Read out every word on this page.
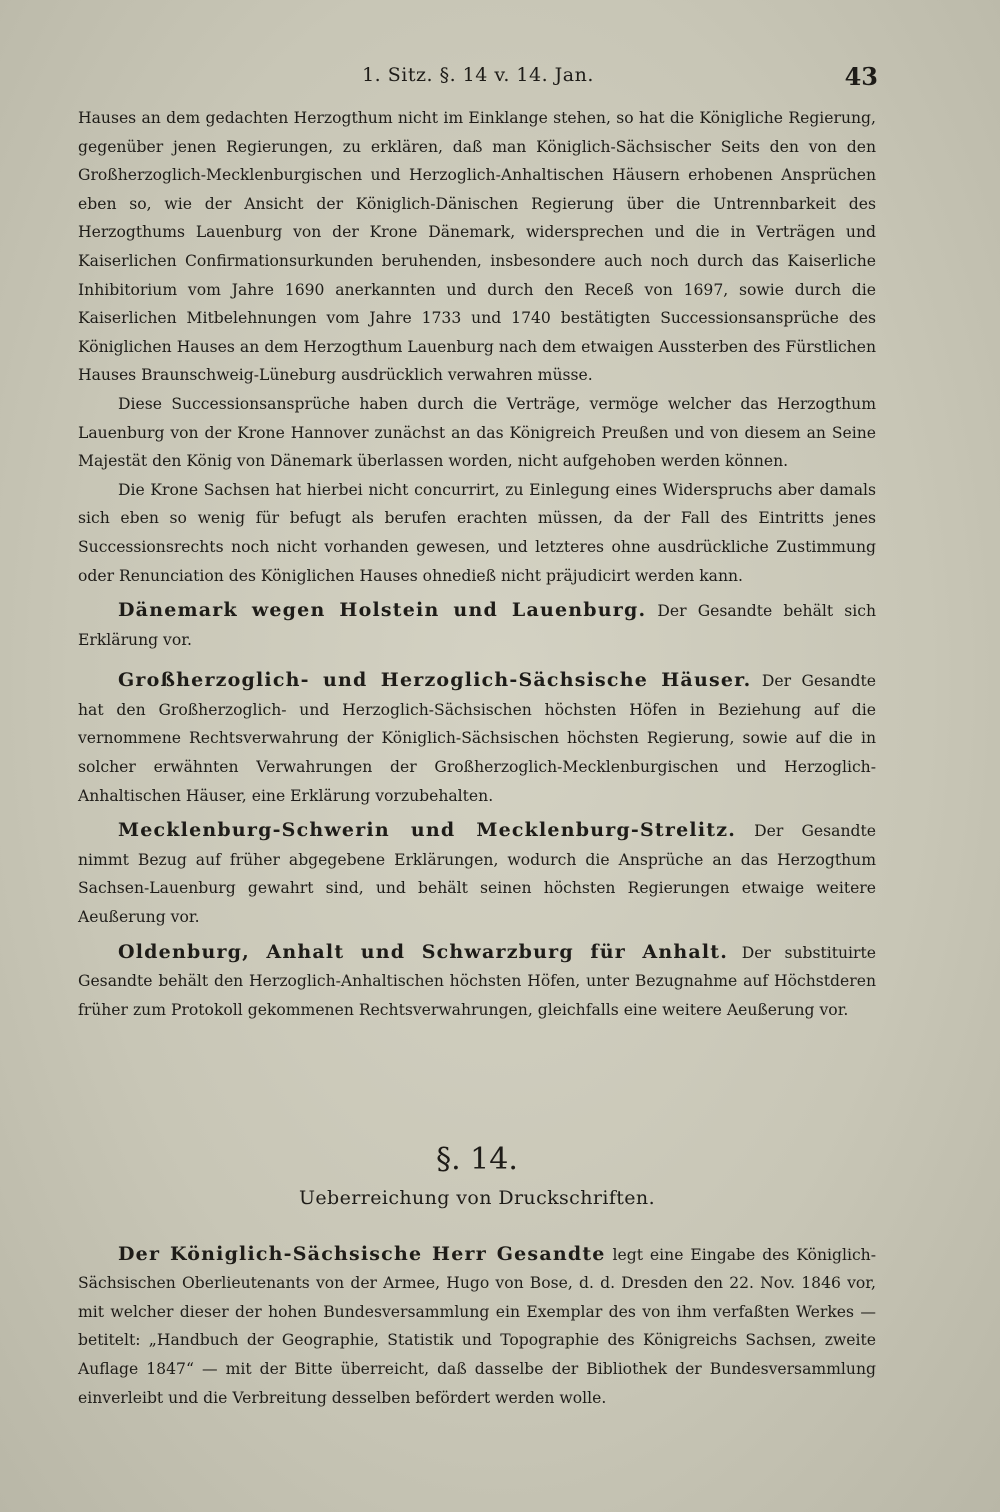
1. Sitz. §. 14 v. 14. Jan.	43

Hauses an dem gedachten Herzogthum nicht im Einklange stehen, so hat die Königliche Regierung, gegenüber jenen Regierungen, zu erklären, daß man Königlich-Sächsischer Seits den von den Großherzoglich-Mecklenburgischen und Herzoglich-Anhaltischen Häusern erhobenen Ansprüchen eben so, wie der Ansicht der Königlich-Dänischen Regierung über die Untrennbarkeit des Herzogthums Lauenburg von der Krone Dänemark, widersprechen und die in Verträgen und Kaiserlichen Confirmationsurkunden beruhenden, insbesondere auch noch durch das Kaiserliche Inhibitorium vom Jahre 1690 anerkannten und durch den Receß von 1697, sowie durch die Kaiserlichen Mitbelehnungen vom Jahre 1733 und 1740 bestätigten Successionsansprüche des Königlichen Hauses an dem Herzogthum Lauenburg nach dem etwaigen Aussterben des Fürstlichen Hauses Braunschweig-Lüneburg ausdrücklich verwahren müsse.

Diese Successionsansprüche haben durch die Verträge, vermöge welcher das Herzogthum Lauenburg von der Krone Hannover zunächst an das Königreich Preußen und von diesem an Seine Majestät den König von Dänemark überlassen worden, nicht aufgehoben werden können.

Die Krone Sachsen hat hierbei nicht concurrirt, zu Einlegung eines Widerspruchs aber damals sich eben so wenig für befugt als berufen erachten müssen, da der Fall des Eintritts jenes Successionsrechts noch nicht vorhanden gewesen, und letzteres ohne ausdrückliche Zustimmung oder Renunciation des Königlichen Hauses ohnedieß nicht präjudicirt werden kann.

Dänemark wegen Holstein und Lauenburg. Der Gesandte behält sich Erklärung vor.

Großherzoglich- und Herzoglich-Sächsische Häuser. Der Gesandte hat den Großherzoglich- und Herzoglich-Sächsischen höchsten Höfen in Beziehung auf die vernommene Rechtsverwahrung der Königlich-Sächsischen höchsten Regierung, sowie auf die in solcher erwähnten Verwahrungen der Großherzoglich-Mecklenburgischen und Herzoglich-Anhaltischen Häuser, eine Erklärung vorzubehalten.

Mecklenburg-Schwerin und Mecklenburg-Strelitz. Der Gesandte nimmt Bezug auf früher abgegebene Erklärungen, wodurch die Ansprüche an das Herzogthum Sachsen-Lauenburg gewahrt sind, und behält seinen höchsten Regierungen etwaige weitere Aeußerung vor.

Oldenburg, Anhalt und Schwarzburg für Anhalt. Der substituirte Gesandte behält den Herzoglich-Anhaltischen höchsten Höfen, unter Bezugnahme auf Höchstderen früher zum Protokoll gekommenen Rechtsverwahrungen, gleichfalls eine weitere Aeußerung vor.

§. 14.
Ueberreichung von Druckschriften.

Der Königlich-Sächsische Herr Gesandte legt eine Eingabe des Königlich-Sächsischen Oberlieutenants von der Armee, Hugo von Bose, d. d. Dresden den 22. Nov. 1846 vor, mit welcher dieser der hohen Bundesversammlung ein Exemplar des von ihm verfaßten Werkes — betitelt: „Handbuch der Geographie, Statistik und Topographie des Königreichs Sachsen, zweite Auflage 1847“ — mit der Bitte überreicht, daß dasselbe der Bibliothek der Bundesversammlung einverleibt und die Verbreitung desselben befördert werden wolle.
